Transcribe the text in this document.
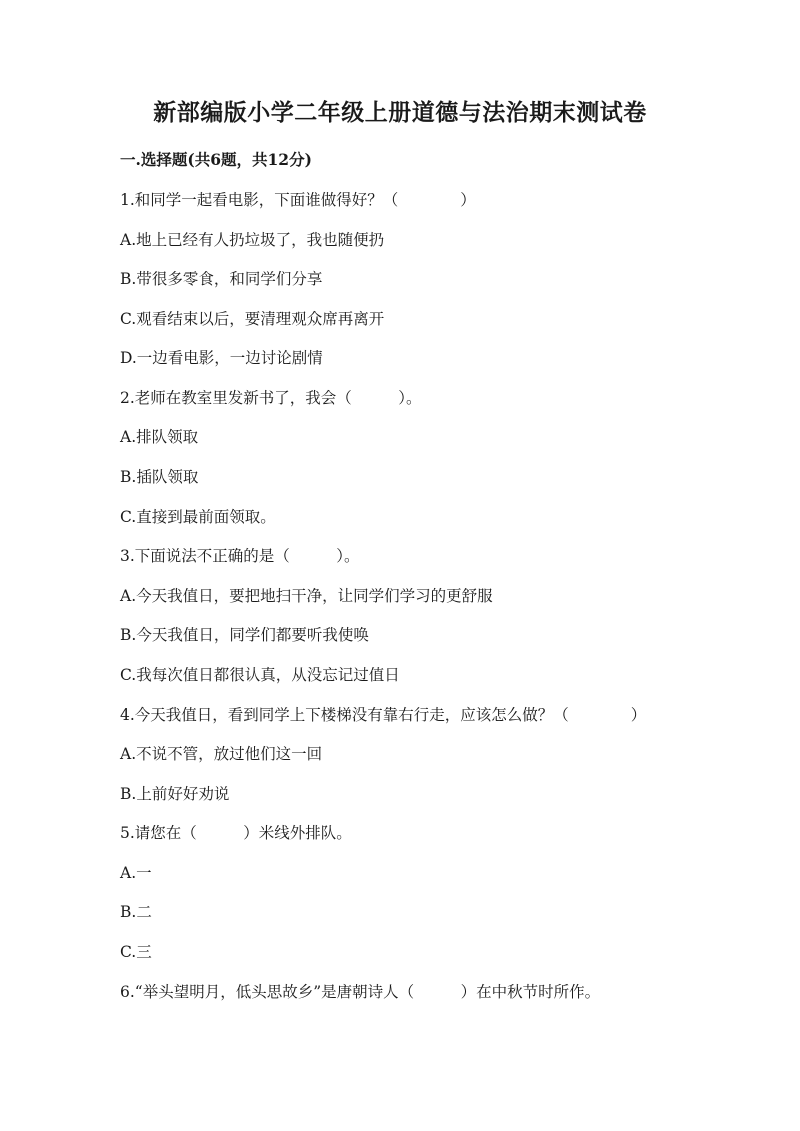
新部编版小学二年级上册道德与法治期末测试卷
一.选择题(共6题，共12分)
1.和同学一起看电影，下面谁做得好？（　　　　）
A.地上已经有人扔垃圾了，我也随便扔
B.带很多零食，和同学们分享
C.观看结束以后，要清理观众席再离开
D.一边看电影，一边讨论剧情
2.老师在教室里发新书了，我会（　　　）。
A.排队领取
B.插队领取
C.直接到最前面领取。
3.下面说法不正确的是（　　　）。
A.今天我值日，要把地扫干净，让同学们学习的更舒服
B.今天我值日，同学们都要听我使唤
C.我每次值日都很认真，从没忘记过值日
4.今天我值日，看到同学上下楼梯没有靠右行走，应该怎么做？（　　　　）
A.不说不管，放过他们这一回
B.上前好好劝说
5.请您在（　　　）米线外排队。
A.一
B.二
C.三
6.“举头望明月，低头思故乡”是唐朝诗人（　　　）在中秋节时所作。
